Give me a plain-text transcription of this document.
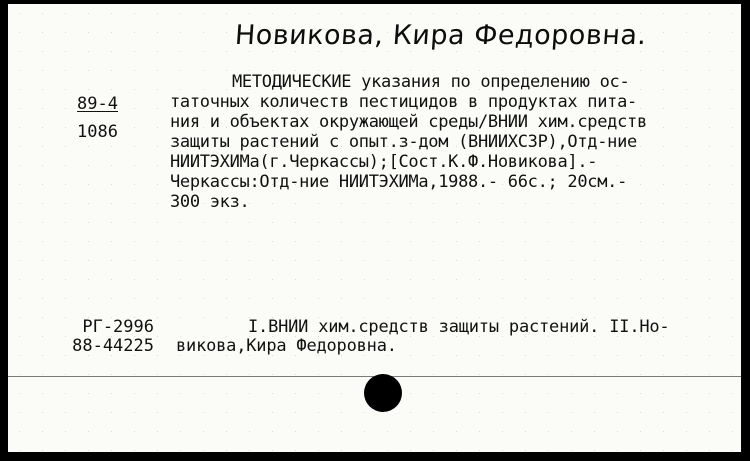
Новикова, Кира Федоровна.
89-4
1086
МЕТОДИЧЕСКИЕ указания по определению ос-
таточных количеств пестицидов в продуктах пита-
ния и объектах окружающей среды/ВНИИ хим.средств
защиты растений с опыт.з-дом (ВНИИХСЗР),Отд-ние
НИИТЭХИМа(г.Черкассы);[Сост.К.Ф.Новикова].-
Черкассы:Отд-ние НИИТЭХИМа,1988.- 66с.; 20см.-
300 экз.
РГ-2996
88-44225
I.ВНИИ хим.средств защиты растений. II.Но-
викова,Кира Федоровна.
